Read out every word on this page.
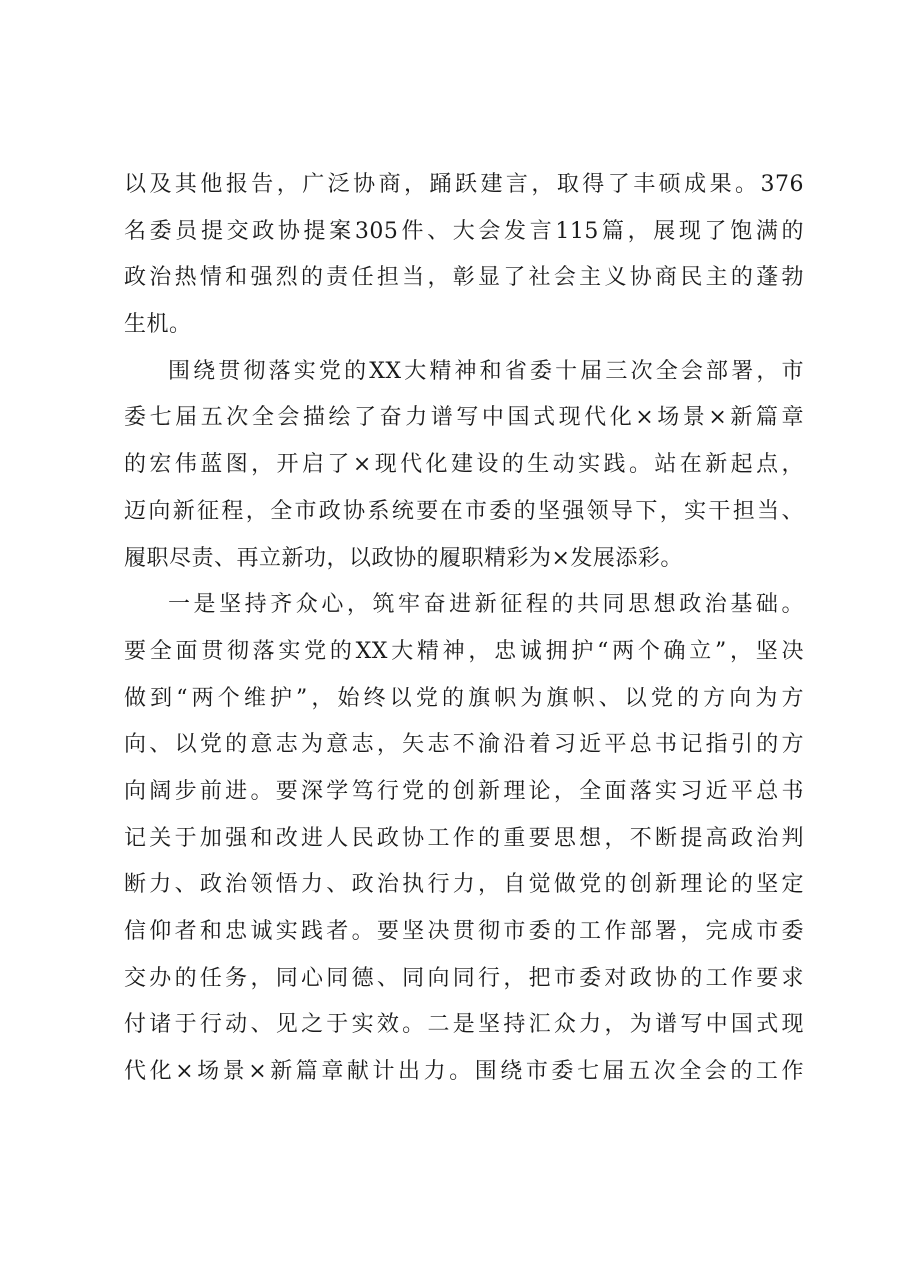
以及其他报告，广泛协商，踊跃建言，取得了丰硕成果。376
名委员提交政协提案305件、大会发言115篇，展现了饱满的
政治热情和强烈的责任担当，彰显了社会主义协商民主的蓬勃
生机。
围绕贯彻落实党的XX大精神和省委十届三次全会部署，市
委七届五次全会描绘了奋力谱写中国式现代化×场景×新篇章
的宏伟蓝图，开启了×现代化建设的生动实践。站在新起点，
迈向新征程，全市政协系统要在市委的坚强领导下，实干担当、
履职尽责、再立新功，以政协的履职精彩为×发展添彩。
一是坚持齐众心，筑牢奋进新征程的共同思想政治基础。
要全面贯彻落实党的XX大精神，忠诚拥护“两个确立”，坚决
做到“两个维护”，始终以党的旗帜为旗帜、以党的方向为方
向、以党的意志为意志，矢志不渝沿着习近平总书记指引的方
向阔步前进。要深学笃行党的创新理论，全面落实习近平总书
记关于加强和改进人民政协工作的重要思想，不断提高政治判
断力、政治领悟力、政治执行力，自觉做党的创新理论的坚定
信仰者和忠诚实践者。要坚决贯彻市委的工作部署，完成市委
交办的任务，同心同德、同向同行，把市委对政协的工作要求
付诸于行动、见之于实效。二是坚持汇众力，为谱写中国式现
代化×场景×新篇章献计出力。围绕市委七届五次全会的工作
